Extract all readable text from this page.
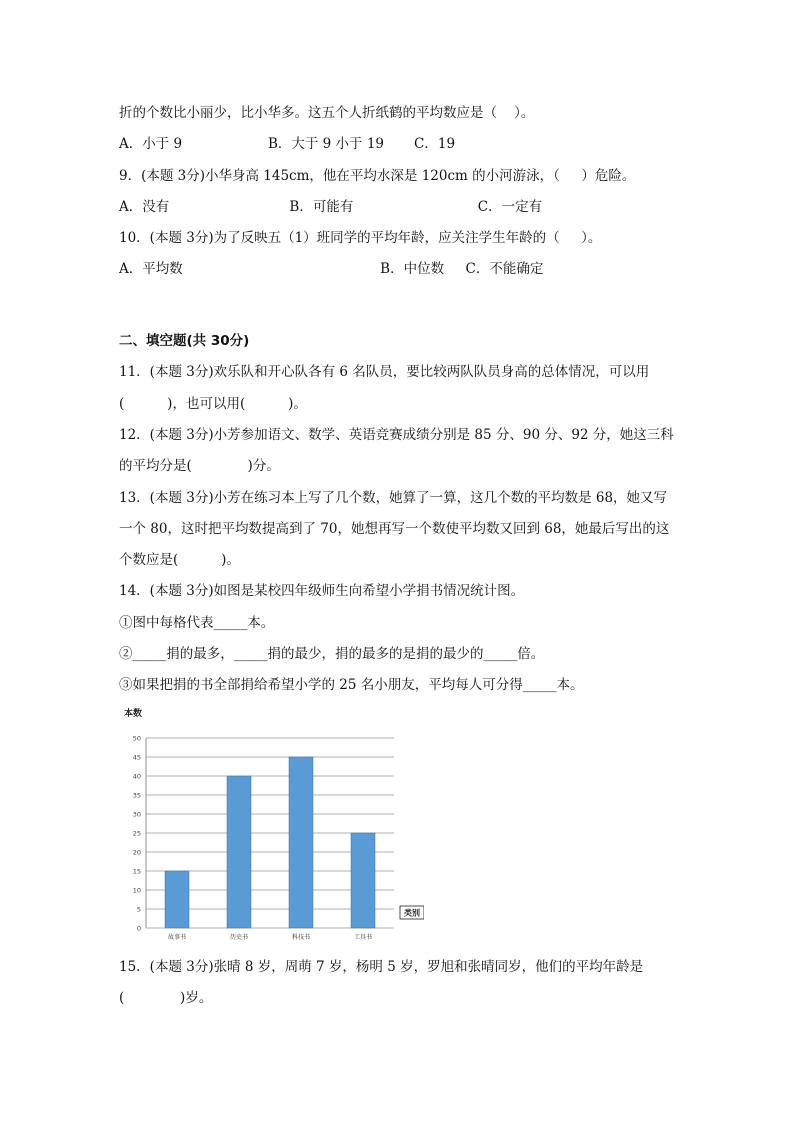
折的个数比小丽少，比小华多。这五个人折纸鹤的平均数应是（    ）。
A．小于 9                    B．大于 9 小于 19       C．19
9．(本题 3分)小华身高 145cm，他在平均水深是 120cm 的小河游泳，（     ）危险。
A．没有                            B．可能有                             C．一定有
10．(本题 3分)为了反映五（1）班同学的平均年龄，应关注学生年龄的（     ）。
A．平均数                                              B．中位数     C．不能确定
二、填空题(共 30分)
11．(本题 3分)欢乐队和开心队各有 6 名队员，要比较两队队员身高的总体情况，可以用
(          )，也可以用(          )。
12．(本题 3分)小芳参加语文、数学、英语竞赛成绩分别是 85 分、90 分、92 分，她这三科
的平均分是(             )分。
13．(本题 3分)小芳在练习本上写了几个数，她算了一算，这几个数的平均数是 68，她又写
一个 80，这时把平均数提高到了 70，她想再写一个数使平均数又回到 68，她最后写出的这
个数应是(          )。
14．(本题 3分)如图是某校四年级师生向希望小学捐书情况统计图。
①图中每格代表_____本。
②_____捐的最多，_____捐的最少，捐的最多的是捐的最少的_____倍。
③如果把捐的书全部捐给希望小学的 25 名小朋友，平均每人可分得_____本。
本数
0
5
10
15
20
25
30
35
40
45
50
故事书	历史书	科技书	工具书
类别
15．(本题 3分)张晴 8 岁，周萌 7 岁，杨明 5 岁，罗旭和张晴同岁，他们的平均年龄是
(             )岁。
